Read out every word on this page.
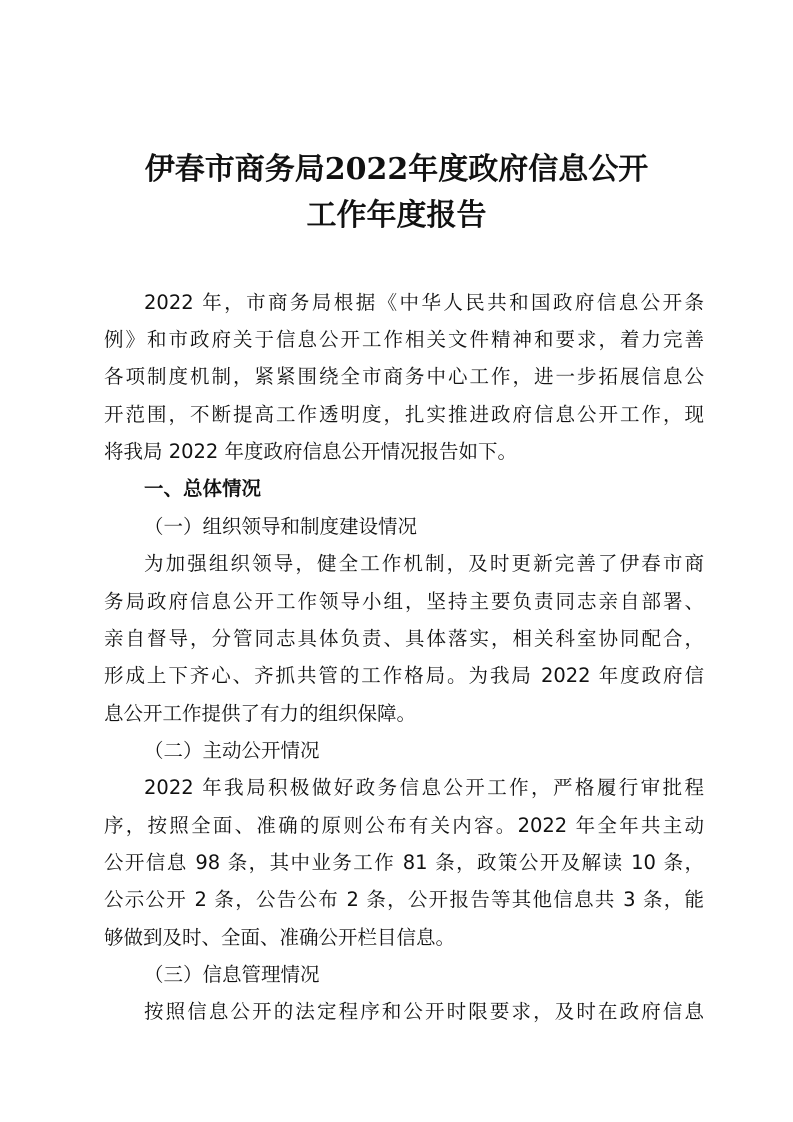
伊春市商务局2022年度政府信息公开
工作年度报告
2022 年，市商务局根据《中华人民共和国政府信息公开条
例》和市政府关于信息公开工作相关文件精神和要求，着力完善
各项制度机制，紧紧围绕全市商务中心工作，进一步拓展信息公
开范围，不断提高工作透明度，扎实推进政府信息公开工作，现
将我局 2022 年度政府信息公开情况报告如下。
一、总体情况
（一）组织领导和制度建设情况
为加强组织领导，健全工作机制，及时更新完善了伊春市商
务局政府信息公开工作领导小组，坚持主要负责同志亲自部署、
亲自督导，分管同志具体负责、具体落实，相关科室协同配合，
形成上下齐心、齐抓共管的工作格局。为我局 2022 年度政府信
息公开工作提供了有力的组织保障。
（二）主动公开情况
2022 年我局积极做好政务信息公开工作，严格履行审批程
序，按照全面、准确的原则公布有关内容。2022 年全年共主动
公开信息 98 条，其中业务工作 81 条，政策公开及解读 10 条，
公示公开 2 条，公告公布 2 条，公开报告等其他信息共 3 条，能
够做到及时、全面、准确公开栏目信息。
（三）信息管理情况
按照信息公开的法定程序和公开时限要求，及时在政府信息
